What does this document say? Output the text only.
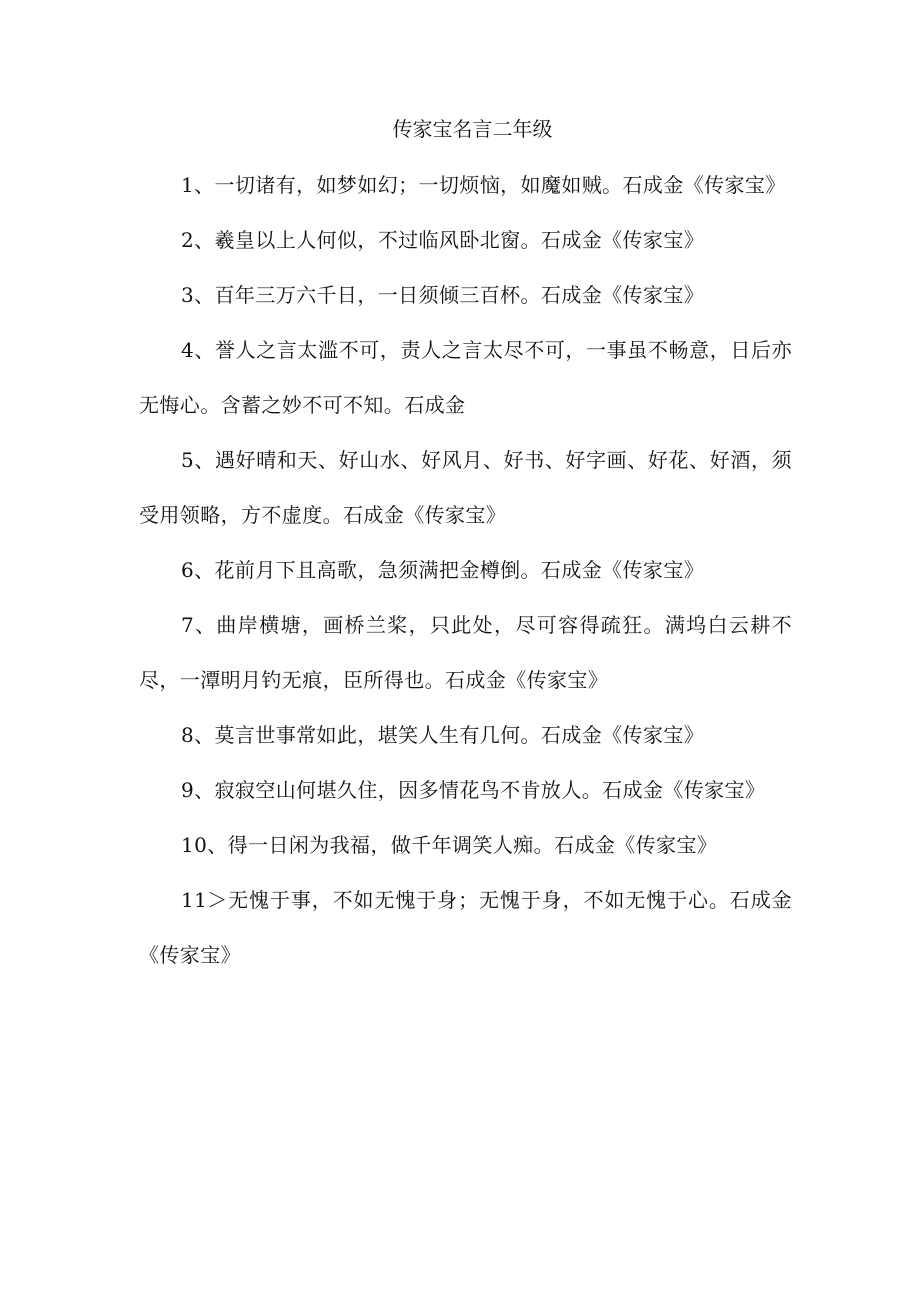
传家宝名言二年级

1、一切诸有，如梦如幻；一切烦恼，如魔如贼。石成金《传家宝》

2、羲皇以上人何似，不过临风卧北窗。石成金《传家宝》

3、百年三万六千日，一日须倾三百杯。石成金《传家宝》

4、誉人之言太滥不可，责人之言太尽不可，一事虽不畅意，日后亦无悔心。含蓄之妙不可不知。石成金

5、遇好晴和天、好山水、好风月、好书、好字画、好花、好酒，须受用领略，方不虚度。石成金《传家宝》

6、花前月下且高歌，急须满把金樽倒。石成金《传家宝》

7、曲岸横塘，画桥兰桨，只此处，尽可容得疏狂。满坞白云耕不尽，一潭明月钓无痕，臣所得也。石成金《传家宝》

8、莫言世事常如此，堪笑人生有几何。石成金《传家宝》

9、寂寂空山何堪久住，因多情花鸟不肯放人。石成金《传家宝》

10、得一日闲为我福，做千年调笑人痴。石成金《传家宝》

11＞无愧于事，不如无愧于身；无愧于身，不如无愧于心。石成金《传家宝》
